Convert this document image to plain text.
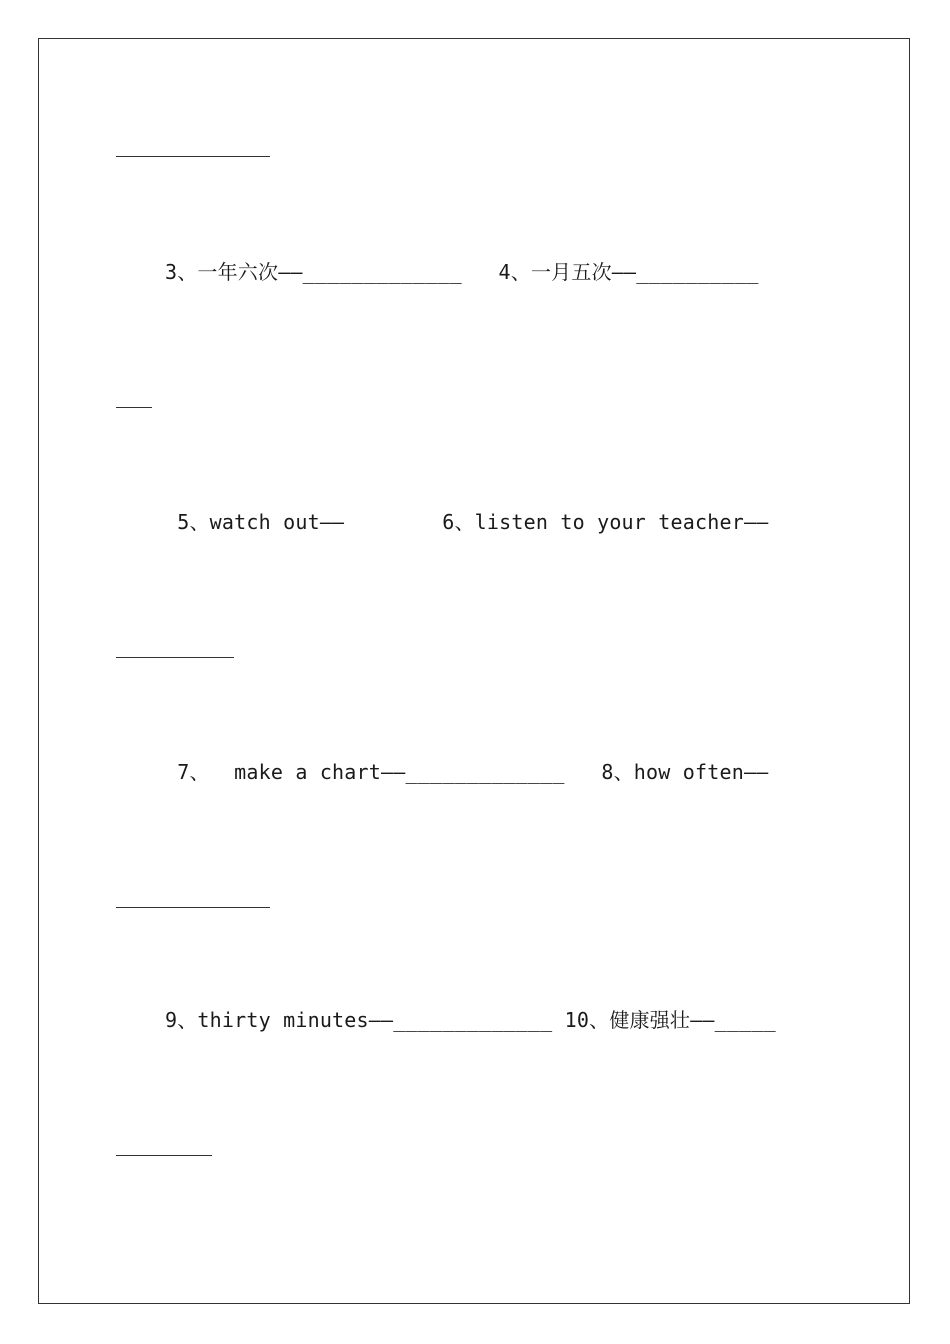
3、一年六次——_____________   4、一月五次——__________
5、watch out——        6、listen to your teacher——
7、  make a chart——_____________   8、how often——
9、thirty minutes——_____________ 10、健康强壮——_____
